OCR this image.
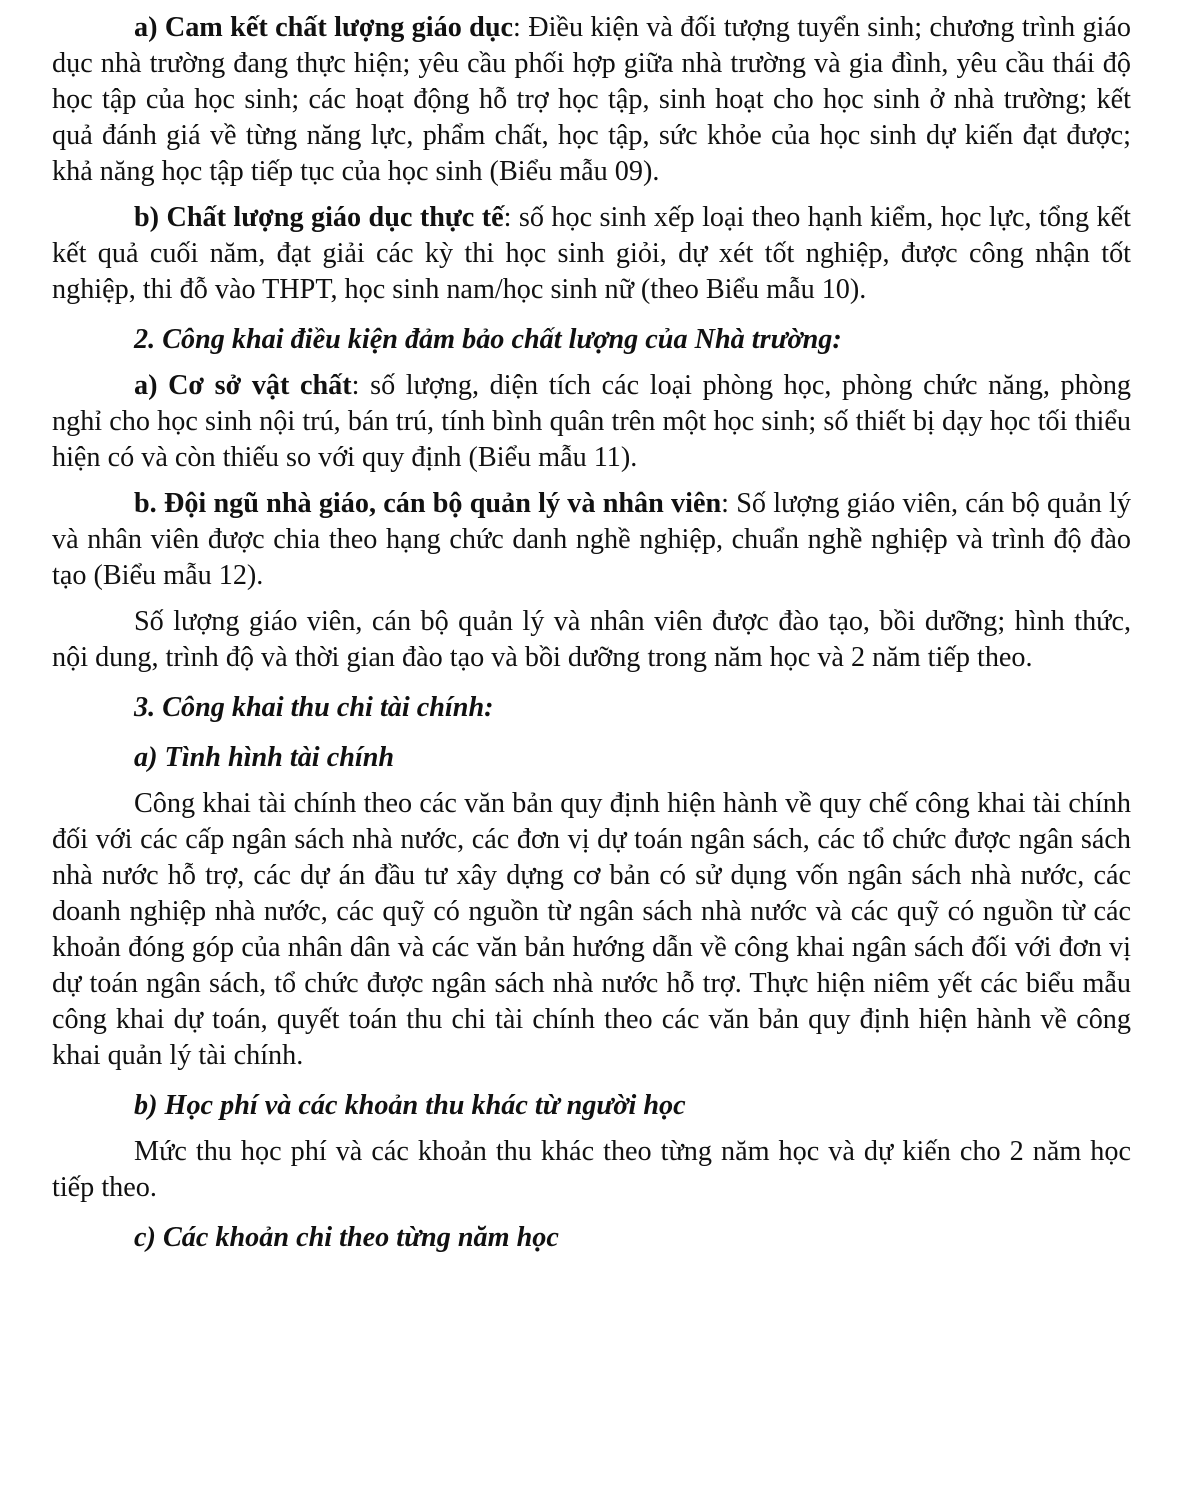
a) Cam kết chất lượng giáo dục: Điều kiện và đối tượng tuyển sinh; chương trình giáo dục nhà trường đang thực hiện; yêu cầu phối hợp giữa nhà trường và gia đình, yêu cầu thái độ học tập của học sinh; các hoạt động hỗ trợ học tập, sinh hoạt cho học sinh ở nhà trường; kết quả đánh giá về từng năng lực, phẩm chất, học tập, sức khỏe của học sinh dự kiến đạt được; khả năng học tập tiếp tục của học sinh (Biểu mẫu 09).

b) Chất lượng giáo dục thực tế: số học sinh xếp loại theo hạnh kiểm, học lực, tổng kết kết quả cuối năm, đạt giải các kỳ thi học sinh giỏi, dự xét tốt nghiệp, được công nhận tốt nghiệp, thi đỗ vào THPT, học sinh nam/học sinh nữ (theo Biểu mẫu 10).

2. Công khai điều kiện đảm bảo chất lượng của Nhà trường:

a) Cơ sở vật chất: số lượng, diện tích các loại phòng học, phòng chức năng, phòng nghỉ cho học sinh nội trú, bán trú, tính bình quân trên một học sinh; số thiết bị dạy học tối thiểu hiện có và còn thiếu so với quy định (Biểu mẫu 11).

b. Đội ngũ nhà giáo, cán bộ quản lý và nhân viên: Số lượng giáo viên, cán bộ quản lý và nhân viên được chia theo hạng chức danh nghề nghiệp, chuẩn nghề nghiệp và trình độ đào tạo (Biểu mẫu 12).

Số lượng giáo viên, cán bộ quản lý và nhân viên được đào tạo, bồi dưỡng; hình thức, nội dung, trình độ và thời gian đào tạo và bồi dưỡng trong năm học và 2 năm tiếp theo.

3. Công khai thu chi tài chính:

a) Tình hình tài chính

Công khai tài chính theo các văn bản quy định hiện hành về quy chế công khai tài chính đối với các cấp ngân sách nhà nước, các đơn vị dự toán ngân sách, các tổ chức được ngân sách nhà nước hỗ trợ, các dự án đầu tư xây dựng cơ bản có sử dụng vốn ngân sách nhà nước, các doanh nghiệp nhà nước, các quỹ có nguồn từ ngân sách nhà nước và các quỹ có nguồn từ các khoản đóng góp của nhân dân và các văn bản hướng dẫn về công khai ngân sách đối với đơn vị dự toán ngân sách, tổ chức được ngân sách nhà nước hỗ trợ. Thực hiện niêm yết các biểu mẫu công khai dự toán, quyết toán thu chi tài chính theo các văn bản quy định hiện hành về công khai quản lý tài chính.

b) Học phí và các khoản thu khác từ người học

Mức thu học phí và các khoản thu khác theo từng năm học và dự kiến cho 2 năm học tiếp theo.

c) Các khoản chi theo từng năm học
